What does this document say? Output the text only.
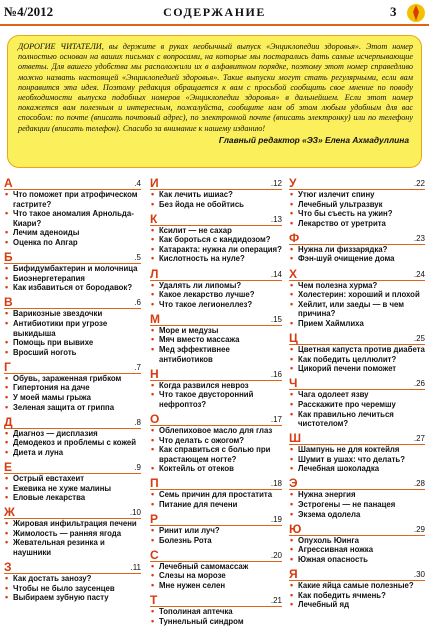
№4/2012	СОДЕРЖАНИЕ	3

ДОРОГИЕ ЧИТАТЕЛИ, вы держите в руках необычный выпуск «Энциклопедии здоровья». Этот номер полностью основан на ваших письмах с вопросами, на которые мы постарались дать самые исчерпывающие ответы. Для вашего удобства мы расположили их в алфавитном порядке, поэтому этот номер справедливо можно назвать настоящей «Энциклопедией здоровья». Такие выпуски могут стать регулярными, если вам понравится эта идея. Поэтому редакция обращается к вам с просьбой сообщить свое мнение по поводу необходимости выпуска подобных номеров «Энциклопедии здоровья» в дальнейшем. Если этот номер покажется вам полезным и интересным, пожалуйста, сообщите нам об этом любым удобным для вас способом: по почте (вписать почтовый адрес), по электронной почте (вписать электронку) или по телефону редакции (вписать телефон). Спасибо за внимание к нашему изданию!

Главный редактор «ЭЗ» Елена Ахмадуллина

А	.4
• Что поможет при атрофическом гастрите?
• Что такое аномалия Арнольда-Киари?
• Лечим аденоиды
• Оценка по Апгар
Б	.5
• Бифидумбактерин и молочница
• Биоэнергетерапия
• Как избавиться от бородавок?
В	.6
• Варикозные звездочки
• Антибиотики при угрозе выкидыша
• Помощь при вывихе
• Вросший ноготь
Г	.7
• Обувь, зараженная грибком
• Гипертония на даче
• У моей мамы грыжа
• Зеленая защита от гриппа
Д	.8
• Диагноз — дисплазия
• Демодекоз и проблемы с кожей
• Диета и луна
Е	.9
• Острый евстахеит
• Ежевика не хуже малины
• Еловые лекарства
Ж	.10
• Жировая инфильтрация печени
• Жимолость — ранняя ягода
• Жевательная резинка и наушники
З	.11
• Как достать занозу?
• Чтобы не было заусенцев
• Выбираем зубную пасту
И	.12
• Как лечить ишиас?
• Без йода не обойтись
К	.13
• Ксилит — не сахар
• Как бороться с кандидозом?
• Катаракта: нужна ли операция?
• Кислотность на нуле?
Л	.14
• Удалять ли липомы?
• Какое лекарство лучше?
• Что такое легионеллез?
М	.15
• Море и медузы
• Мяч вместо массажа
• Мед эффективнее антибиотиков
Н	.16
• Когда развился невроз
• Что такое двусторонний нефроптоз?
О	.17
• Облепиховое масло для глаз
• Что делать с ожогом?
• Как справиться с болью при врастающем ногте?
• Коктейль от отеков
П	.18
• Семь причин для простатита
• Питание для печени
Р	.19
• Ринит или луч?
• Болезнь Рота
С	.20
• Лечебный самомассаж
• Слезы на морозе
• Мне нужен селен
Т	.21
• Тополиная аптечка
• Туннельный синдром
У	.22
• Утюг излечит спину
• Лечебный ультразвук
• Что бы съесть на ужин?
• Лекарство от уретрита
Ф	.23
• Нужна ли физзарядка?
• Фэн-шуй очищение дома
Х	.24
• Чем полезна хурма?
• Холестерин: хороший и плохой
• Хейлит, или заеды — в чем причина?
• Прием Хаймлиха
Ц	.25
• Цветная капуста против диабета
• Как победить целлюлит?
• Цикорий печени поможет
Ч	.26
• Чага одолеет язву
• Расскажите про черемшу
• Как правильно лечиться чистотелом?
Ш	.27
• Шампунь не для коктейля
• Шумит в ушах: что делать?
• Лечебная шоколадка
Э	.28
• Нужна энергия
• Эстрогены — не панацея
• Экзема одолела
Ю	.29
• Опухоль Юинга
• Агрессивная ножка
• Южная опасность
Я	.30
• Какие яйца самые полезные?
• Как победить ячмень?
• Лечебный яд
